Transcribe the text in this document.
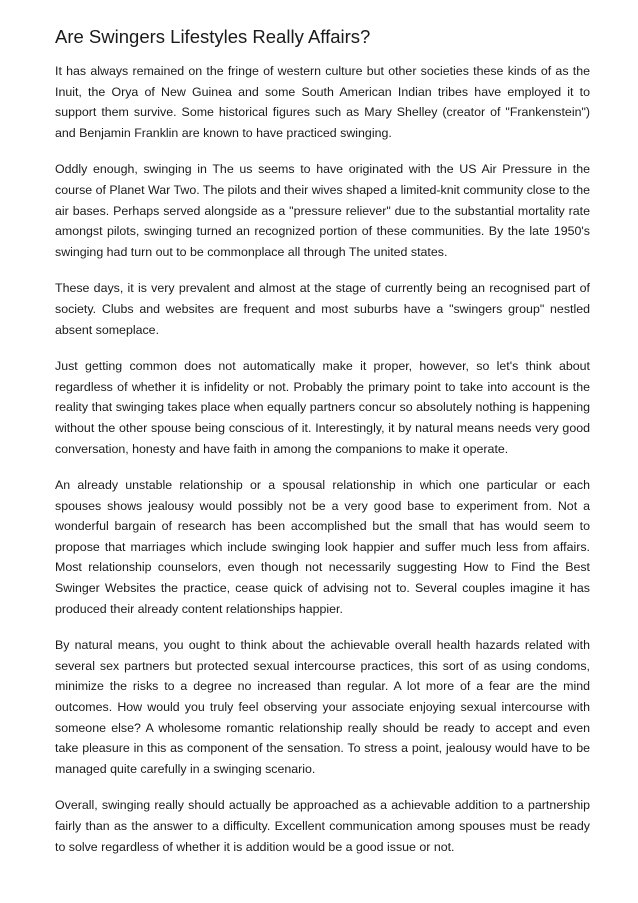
Are Swingers Lifestyles Really Affairs?

It has always remained on the fringe of western culture but other societies these kinds of as the Inuit, the Orya of New Guinea and some South American Indian tribes have employed it to support them survive. Some historical figures such as Mary Shelley (creator of "Frankenstein") and Benjamin Franklin are known to have practiced swinging.

Oddly enough, swinging in The us seems to have originated with the US Air Pressure in the course of Planet War Two. The pilots and their wives shaped a limited-knit community close to the air bases. Perhaps served alongside as a "pressure reliever" due to the substantial mortality rate amongst pilots, swinging turned an recognized portion of these communities. By the late 1950's swinging had turn out to be commonplace all through The united states.

These days, it is very prevalent and almost at the stage of currently being an recognised part of society. Clubs and websites are frequent and most suburbs have a "swingers group" nestled absent someplace.

Just getting common does not automatically make it proper, however, so let's think about regardless of whether it is infidelity or not. Probably the primary point to take into account is the reality that swinging takes place when equally partners concur so absolutely nothing is happening without the other spouse being conscious of it. Interestingly, it by natural means needs very good conversation, honesty and have faith in among the companions to make it operate.

An already unstable relationship or a spousal relationship in which one particular or each spouses shows jealousy would possibly not be a very good base to experiment from. Not a wonderful bargain of research has been accomplished but the small that has would seem to propose that marriages which include swinging look happier and suffer much less from affairs. Most relationship counselors, even though not necessarily suggesting How to Find the Best Swinger Websites the practice, cease quick of advising not to. Several couples imagine it has produced their already content relationships happier.

By natural means, you ought to think about the achievable overall health hazards related with several sex partners but protected sexual intercourse practices, this sort of as using condoms, minimize the risks to a degree no increased than regular. A lot more of a fear are the mind outcomes. How would you truly feel observing your associate enjoying sexual intercourse with someone else? A wholesome romantic relationship really should be ready to accept and even take pleasure in this as component of the sensation. To stress a point, jealousy would have to be managed quite carefully in a swinging scenario.

Overall, swinging really should actually be approached as a achievable addition to a partnership fairly than as the answer to a difficulty. Excellent communication among spouses must be ready to solve regardless of whether it is addition would be a good issue or not.
